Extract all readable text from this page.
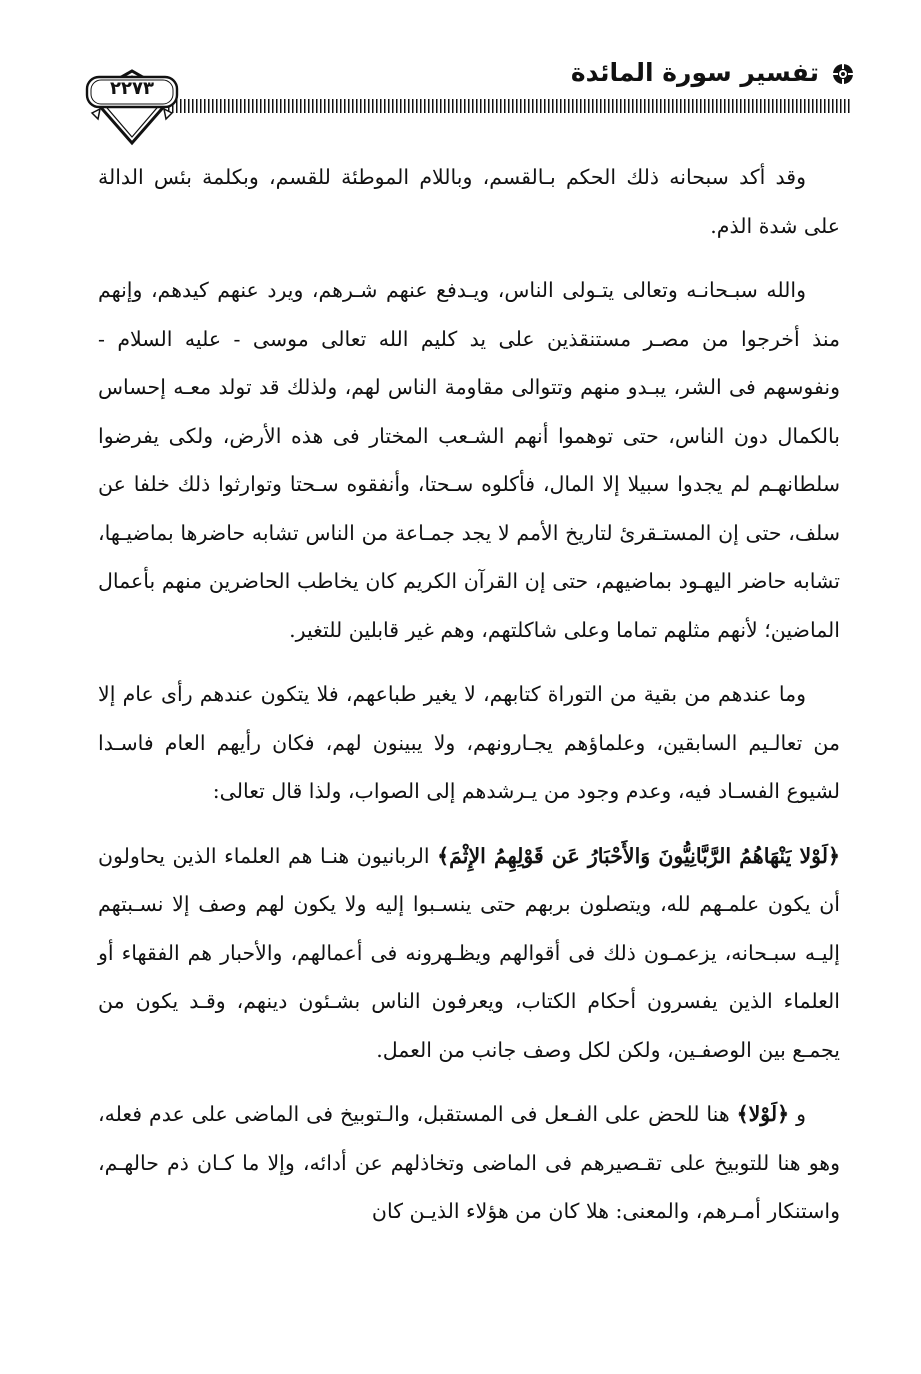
تفسير سورة المائدة
٢٢٧٣

وقد أكد سبحانه ذلك الحكم بـالقسم، وباللام الموطئة للقسم، وبكلمة بئس الدالة على شدة الذم.

والله سبـحانـه وتعالى يتـولى الناس، ويـدفع عنهم شـرهم، ويرد عنهم كيدهم، وإنهم منذ أخرجوا من مصـر مستنقذين على يد كليم الله تعالى موسى - عليه السلام - ونفوسهم فى الشر، يبـدو منهم وتتوالى مقاومة الناس لهم، ولذلك قد تولد معـه إحساس بالكمال دون الناس، حتى توهموا أنهم الشـعب المختار فى هذه الأرض، ولكى يفرضوا سلطانهـم لم يجدوا سبيلا إلا المال، فأكلوه سـحتا، وأنفقوه سـحتا وتوارثوا ذلك خلفا عن سلف، حتى إن المستـقرئ لتاريخ الأمم لا يجد جمـاعة من الناس تشابه حاضرها بماضيـها، تشابه حاضر اليهـود بماضيهم، حتى إن القرآن الكريم كان يخاطب الحاضرين منهم بأعمال الماضين؛ لأنهم مثلهم تماما وعلى شاكلتهم، وهم غير قابلين للتغير.

وما عندهم من بقية من التوراة كتابهم، لا يغير طباعهم، فلا يتكون عندهم رأى عام إلا من تعالـيم السابقين، وعلماؤهم يجـارونهم، ولا يبينون لهم، فكان رأيهم العام فاسـدا لشيوع الفسـاد فيه، وعدم وجود من يـرشدهم إلى الصواب، ولذا قال تعالى:

﴿لَوْلا يَنْهَاهُمُ الرَّبَّانِيُّونَ وَالأَحْبَارُ عَن قَوْلِهِمُ الإِثْمَ﴾ الربانيون هنـا هم العلماء الذين يحاولون أن يكون علمـهم لله، ويتصلون بربهم حتى ينسـبوا إليه ولا يكون لهم وصف إلا نسـبتهم إليـه سبـحانه، يزعمـون ذلك فى أقوالهم ويظـهرونه فى أعمالهم، والأحبار هم الفقهاء أو العلماء الذين يفسرون أحكام الكتاب، ويعرفون الناس بشـئون دينهم، وقـد يكون من يجمـع بين الوصفـين، ولكن لكل وصف جانب من العمل.

و ﴿لَوْلا﴾ هنا للحض على الفـعل فى المستقبل، والـتوبيخ فى الماضى على عدم فعله، وهو هنا للتوبيخ على تقـصيرهم فى الماضى وتخاذلهم عن أدائه، وإلا ما كـان ذم حالهـم، واستنكار أمـرهم، والمعنى: هلا كان من هؤلاء الذيـن كان
